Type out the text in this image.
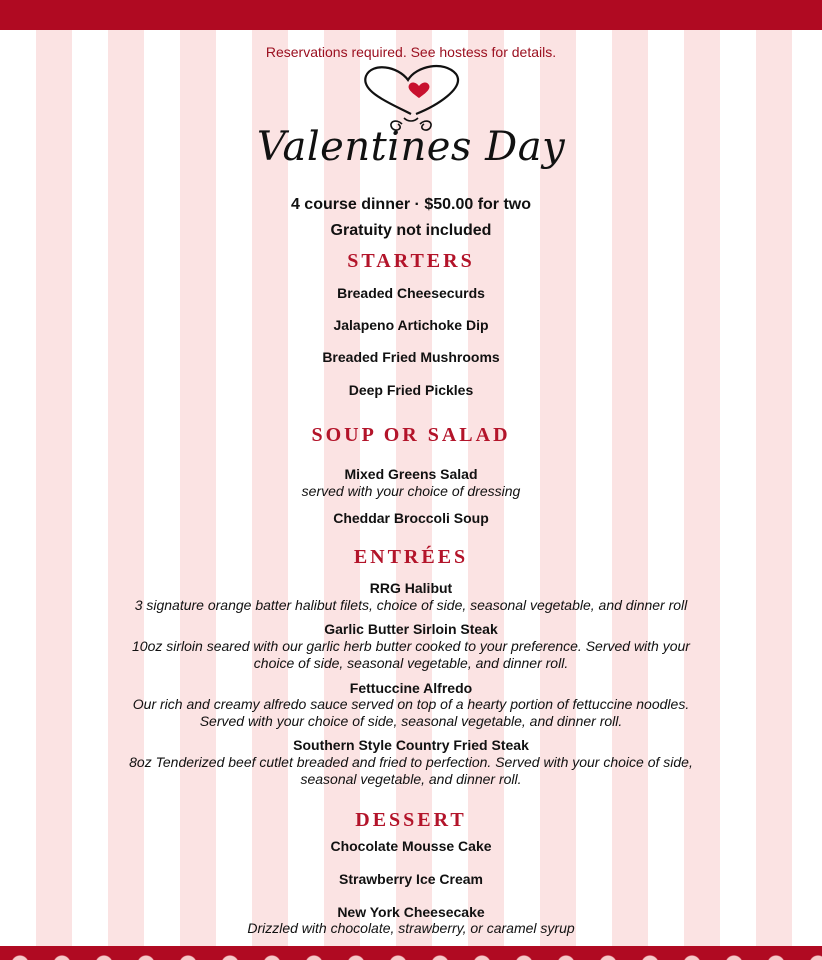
Reservations required. See hostess for details.
Valentines Day
4 course dinner · $50.00 for two
Gratuity not included
STARTERS
Breaded Cheesecurds
Jalapeno Artichoke Dip
Breaded Fried Mushrooms
Deep Fried Pickles
SOUP OR SALAD
Mixed Greens Salad
served with your choice of dressing
Cheddar Broccoli Soup
ENTRÉES
RRG Halibut
3 signature orange batter halibut filets, choice of side, seasonal vegetable, and dinner roll
Garlic Butter Sirloin Steak
10oz sirloin seared with our garlic herb butter cooked to your preference. Served with your
choice of side, seasonal vegetable, and dinner roll.
Fettuccine Alfredo
Our rich and creamy alfredo sauce served on top of a hearty portion of fettuccine noodles.
Served with your choice of side, seasonal vegetable, and dinner roll.
Southern Style Country Fried Steak
8oz Tenderized beef cutlet breaded and fried to perfection. Served with your choice of side,
seasonal vegetable, and dinner roll.
DESSERT
Chocolate Mousse Cake
Strawberry Ice Cream
New York Cheesecake
Drizzled with chocolate, strawberry, or caramel syrup
